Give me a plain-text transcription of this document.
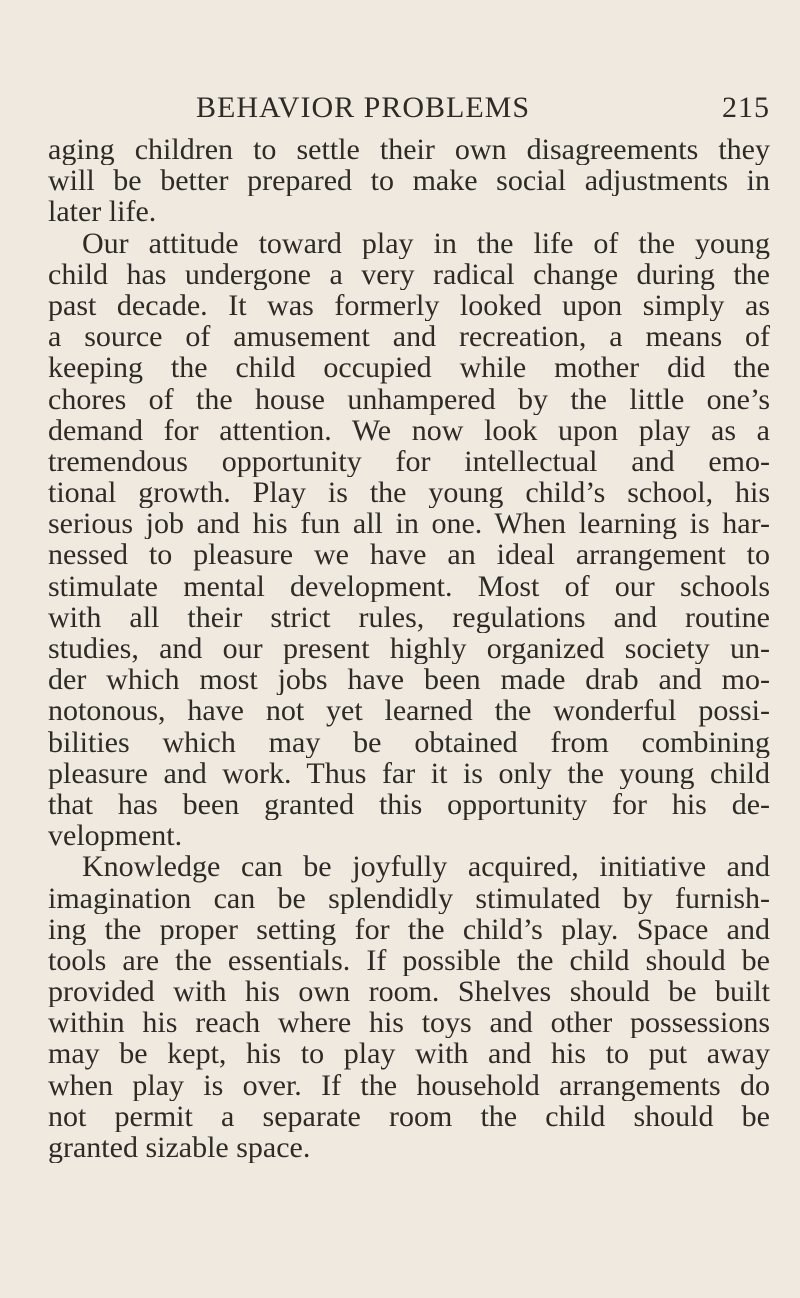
BEHAVIOR PROBLEMS	215
aging children to settle their own disagreements they
will be better prepared to make social adjustments in
later life.
Our attitude toward play in the life of the young
child has undergone a very radical change during the
past decade. It was formerly looked upon simply as
a source of amusement and recreation, a means of
keeping the child occupied while mother did the
chores of the house unhampered by the little one’s
demand for attention. We now look upon play as a
tremendous opportunity for intellectual and emo-
tional growth. Play is the young child’s school, his
serious job and his fun all in one. When learning is har-
nessed to pleasure we have an ideal arrangement to
stimulate mental development. Most of our schools
with all their strict rules, regulations and routine
studies, and our present highly organized society un-
der which most jobs have been made drab and mo-
notonous, have not yet learned the wonderful possi-
bilities which may be obtained from combining
pleasure and work. Thus far it is only the young child
that has been granted this opportunity for his de-
velopment.
Knowledge can be joyfully acquired, initiative and
imagination can be splendidly stimulated by furnish-
ing the proper setting for the child’s play. Space and
tools are the essentials. If possible the child should be
provided with his own room. Shelves should be built
within his reach where his toys and other possessions
may be kept, his to play with and his to put away
when play is over. If the household arrangements do
not permit a separate room the child should be
granted sizable space.
